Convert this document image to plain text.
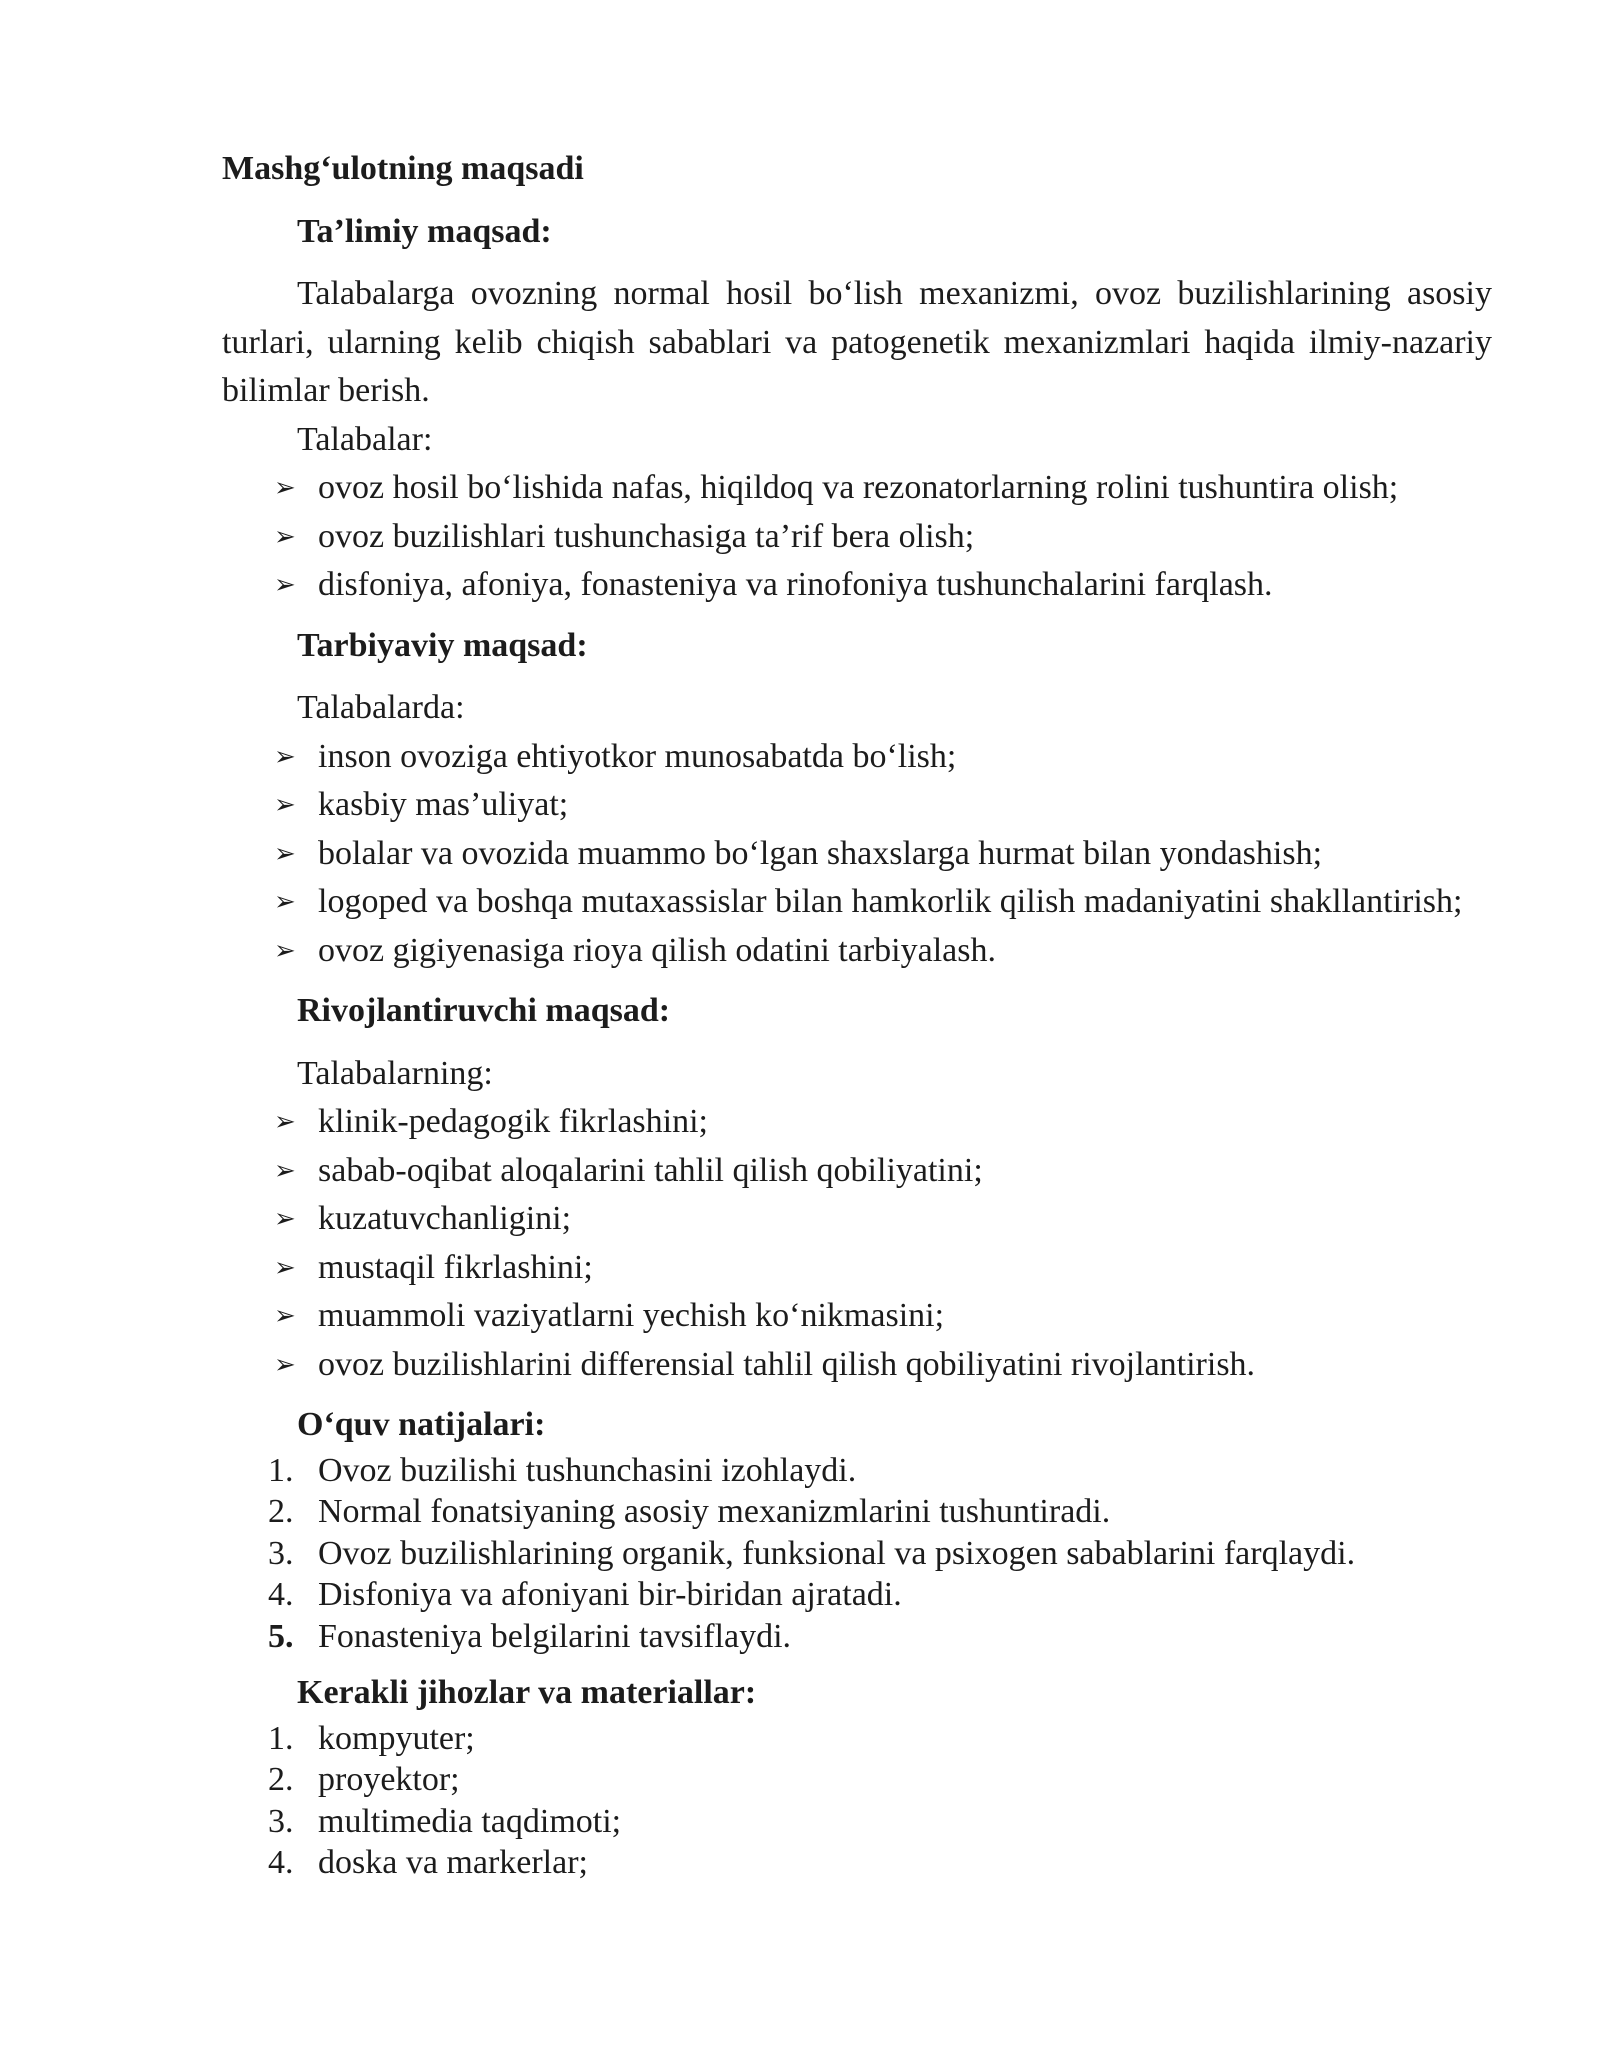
Mashg‘ulotning maqsadi

Ta’limiy maqsad:

Talabalarga ovozning normal hosil bo‘lish mexanizmi, ovoz buzilishlarining asosiy turlari, ularning kelib chiqish sabablari va patogenetik mexanizmlari haqida ilmiy-nazariy bilimlar berish.

Talabalar:

➢ ovoz hosil bo‘lishida nafas, hiqildoq va rezonatorlarning rolini tushuntira olish;
➢ ovoz buzilishlari tushunchasiga ta’rif bera olish;
➢ disfoniya, afoniya, fonasteniya va rinofoniya tushunchalarini farqlash.

Tarbiyaviy maqsad:

Talabalarda:

➢ inson ovoziga ehtiyotkor munosabatda bo‘lish;
➢ kasbiy mas’uliyat;
➢ bolalar va ovozida muammo bo‘lgan shaxslarga hurmat bilan yondashish;
➢ logoped va boshqa mutaxassislar bilan hamkorlik qilish madaniyatini shakllantirish;
➢ ovoz gigiyenasiga rioya qilish odatini tarbiyalash.

Rivojlantiruvchi maqsad:

Talabalarning:

➢ klinik-pedagogik fikrlashini;
➢ sabab-oqibat aloqalarini tahlil qilish qobiliyatini;
➢ kuzatuvchanligini;
➢ mustaqil fikrlashini;
➢ muammoli vaziyatlarni yechish ko‘nikmasini;
➢ ovoz buzilishlarini differensial tahlil qilish qobiliyatini rivojlantirish.

O‘quv natijalari:

1. Ovoz buzilishi tushunchasini izohlaydi.
2. Normal fonatsiyaning asosiy mexanizmlarini tushuntiradi.
3. Ovoz buzilishlarining organik, funksional va psixogen sabablarini farqlaydi.
4. Disfoniya va afoniyani bir-biridan ajratadi.
5. Fonasteniya belgilarini tavsiflaydi.

Kerakli jihozlar va materiallar:

1. kompyuter;
2. proyektor;
3. multimedia taqdimoti;
4. doska va markerlar;
